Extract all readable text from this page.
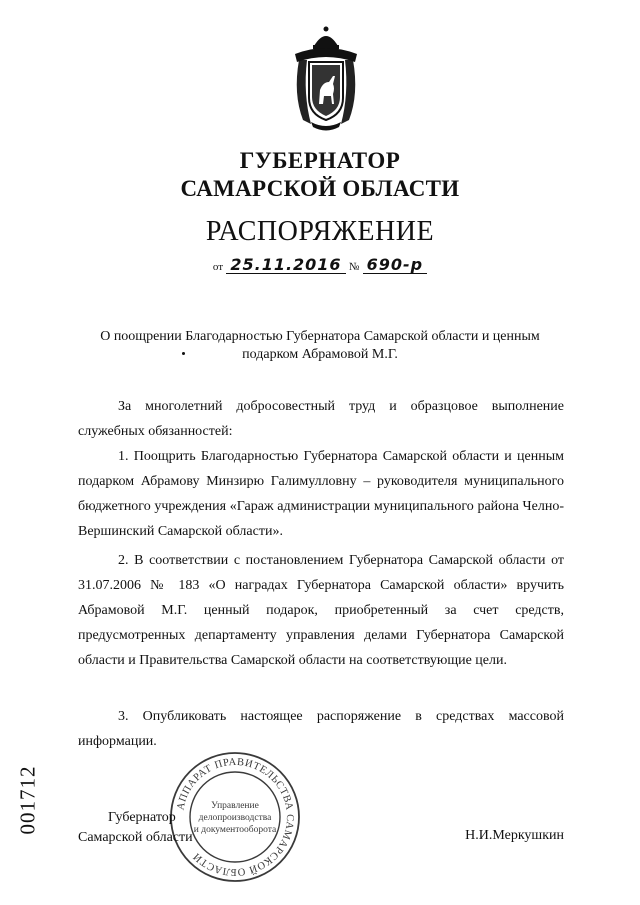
ГУБЕРНАТОР
САМАРСКОЙ ОБЛАСТИ
РАСПОРЯЖЕНИЕ
от 25.11.2016 № 690-р
О поощрении Благодарностью Губернатора Самарской области и ценным
подарком Абрамовой М.Г.

За многолетний добросовестный труд и образцовое выполнение служебных обязанностей:

1. Поощрить Благодарностью Губернатора Самарской области и ценным подарком Абрамову Минзирю Галимулловну – руководителя муниципального бюджетного учреждения «Гараж администрации муниципального района Челно-Вершинский Самарской области».

2. В соответствии с постановлением Губернатора Самарской области от 31.07.2006 № 183 «О наградах Губернатора Самарской области» вручить Абрамовой М.Г. ценный подарок, приобретенный за счет средств, предусмотренных департаменту управления делами Губернатора Самарской области и Правительства Самарской области на соответствующие цели.

3. Опубликовать настоящее распоряжение в средствах массовой информации.

001712	АППАРАТ ПРАВИТЕЛЬСТВА САМАРСКОЙ ОБЛАСТИ
Управление
делопроизводства
и документооборота
Губернатор
Самарской области	Н.И.Меркушкин
